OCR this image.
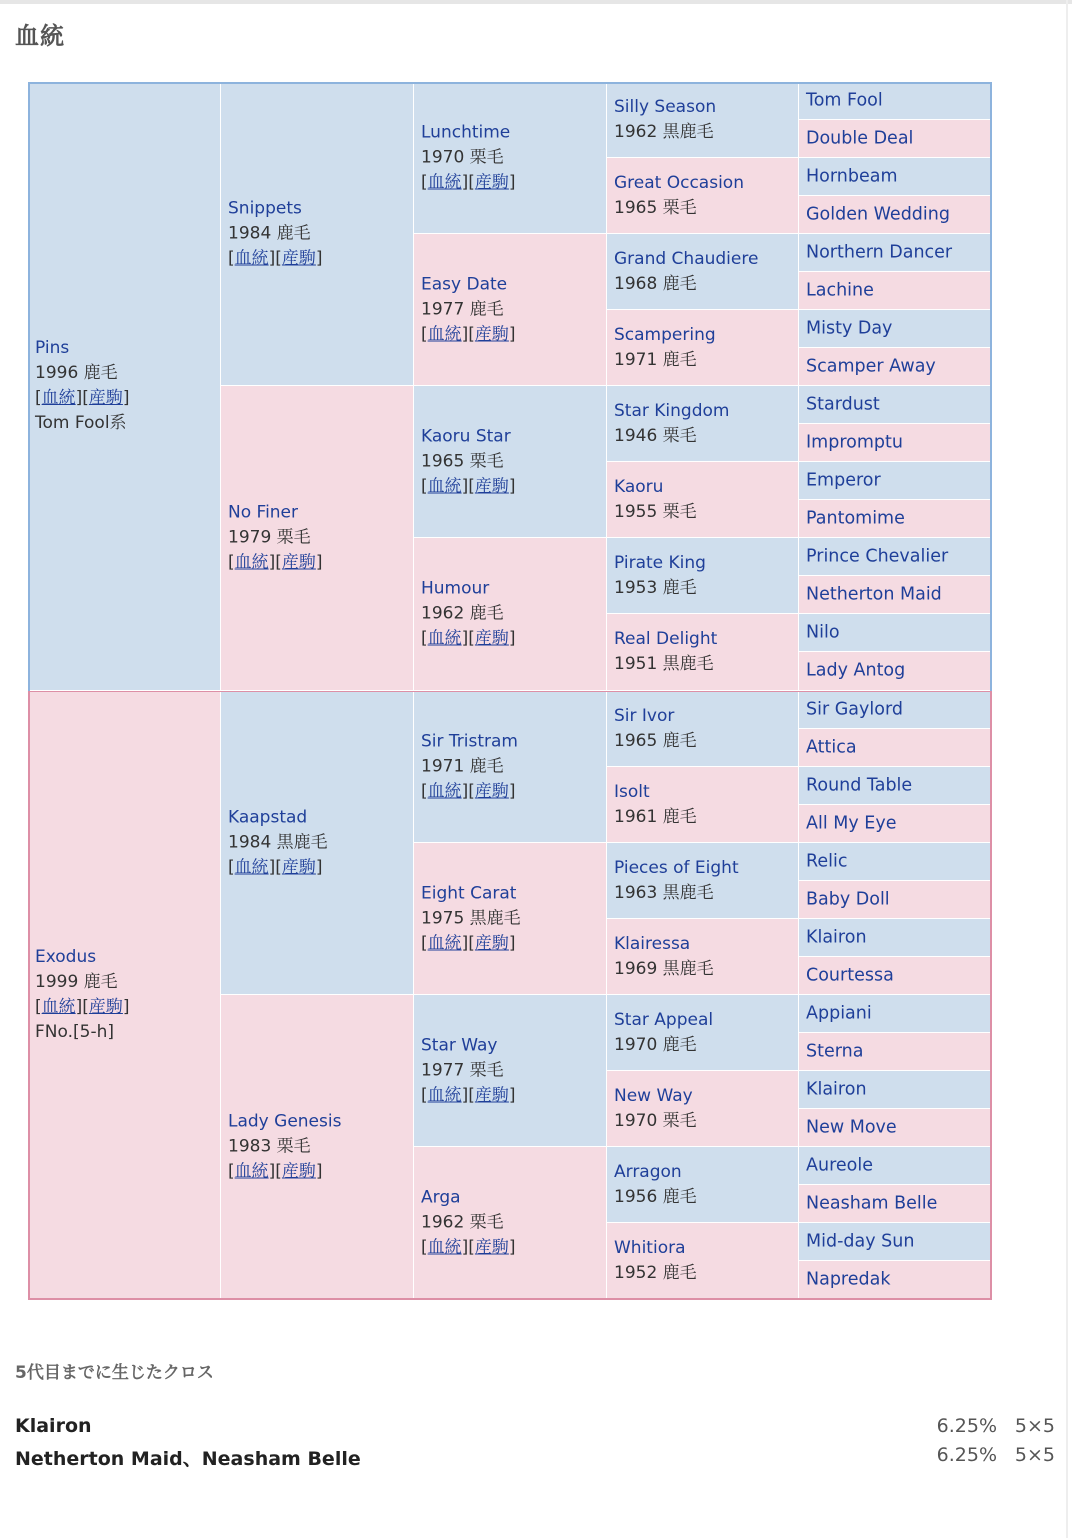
血統
Pins
1996 鹿毛
[血統][産駒]
Tom Fool系
Exodus
1999 鹿毛
[血統][産駒]
FNo.[5-h]
Snippets
1984 鹿毛
[血統][産駒]
No Finer
1979 栗毛
[血統][産駒]
Kaapstad
1984 黒鹿毛
[血統][産駒]
Lady Genesis
1983 栗毛
[血統][産駒]
Lunchtime
1970 栗毛
[血統][産駒]
Easy Date
1977 鹿毛
[血統][産駒]
Kaoru Star
1965 栗毛
[血統][産駒]
Humour
1962 鹿毛
[血統][産駒]
Sir Tristram
1971 鹿毛
[血統][産駒]
Eight Carat
1975 黒鹿毛
[血統][産駒]
Star Way
1977 栗毛
[血統][産駒]
Arga
1962 栗毛
[血統][産駒]
Silly Season
1962 黒鹿毛
Great Occasion
1965 栗毛
Grand Chaudiere
1968 鹿毛
Scampering
1971 鹿毛
Star Kingdom
1946 栗毛
Kaoru
1955 栗毛
Pirate King
1953 鹿毛
Real Delight
1951 黒鹿毛
Sir Ivor
1965 鹿毛
Isolt
1961 鹿毛
Pieces of Eight
1963 黒鹿毛
Klairessa
1969 黒鹿毛
Star Appeal
1970 鹿毛
New Way
1970 栗毛
Arragon
1956 鹿毛
Whitiora
1952 鹿毛
Tom Fool
Double Deal
Hornbeam
Golden Wedding
Northern Dancer
Lachine
Misty Day
Scamper Away
Stardust
Impromptu
Emperor
Pantomime
Prince Chevalier
Netherton Maid
Nilo
Lady Antog
Sir Gaylord
Attica
Round Table
All My Eye
Relic
Baby Doll
Klairon
Courtessa
Appiani
Sterna
Klairon
New Move
Aureole
Neasham Belle
Mid-day Sun
Napredak
5代目までに生じたクロス
Klairon	6.25% 5×5
Netherton Maid、Neasham Belle	6.25% 5×5
